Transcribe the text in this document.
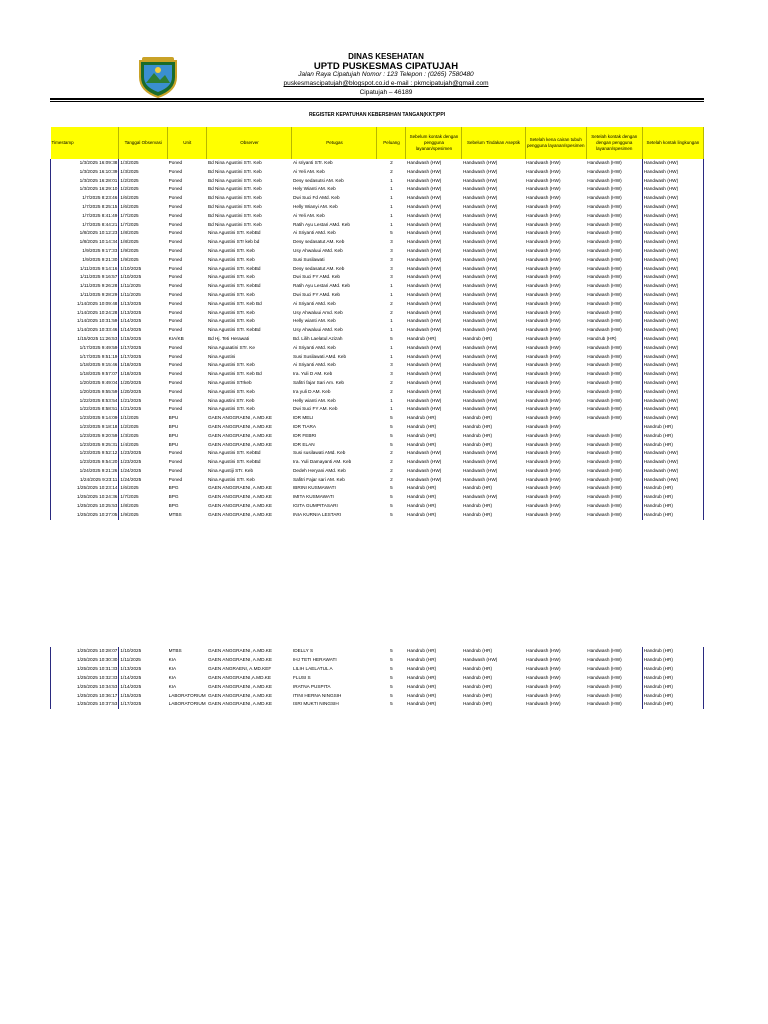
DINAS KESEHATAN
UPTD PUSKESMAS CIPATUJAH
Jalan Raya Cipatujah Nomor : 123 Telepon : (0265) 7580480
puskesmascipatujah@blogspot.co.id e-mail : pkmcipatujah@gmail.com
Cipatujah – 46189
REGISTER KEPATUHAN KEBERSIHAN TANGAN(KKT)PPI
Timestamp	Tanggal Observasi	Unit	Observer	Petugas	Peluang	Sebelum kontak dengan pengguna layanan/spesimen	Sebelum Tindakan Aseptik	Setelah kena cairan tubuh pengguna layanan/spesimen	Setelah kontak dengan dengan pengguna layanan/spesimen	Setelah kontak lingkungan
1/3/2025 16:09:38	1/3/2025	Poned	Bd Nina Agustini STr. Keb	Ai sriyanti STr. Keb	2	Handwash (HW)	Handwash (HW)	Handwash (HW)	Handwash (HW)	Handwash (HW)
1/3/2025 16:10:39	1/3/2025	Poned	Bd Nina Agustini STr. Keb	Ai Yeli AM. Keb	2	Handwash (HW)	Handwash (HW)	Handwash (HW)	Handwash (HW)	Handwash (HW)
1/3/2025 16:28:01	1/2/2025	Poned	Bd Nina Agustini STr. Keb	Desy sedasutsi AM. Keb	1	Handwash (HW)	Handwash (HW)	Handwash (HW)	Handwash (HW)	Handwash (HW)
1/3/2025 16:29:10	1/2/2025	Poned	Bd Nina Agustini STr. Keb	Hely Wianti AM. Keb	1	Handwash (HW)	Handwash (HW)	Handwash (HW)	Handwash (HW)	Handwash (HW)
1/7/2025 8:23:46	1/6/2025	Poned	Bd Nina Agustini STr. Keb	Dwi Suci Fd AMd. Keb	1	Handwash (HW)	Handwash (HW)	Handwash (HW)	Handwash (HW)	Handwash (HW)
1/7/2025 8:25:15	1/6/2025	Poned	Bd Nina Agustini STr. Keb	Helly Wianyi AM. Keb	1	Handwash (HW)	Handwash (HW)	Handwash (HW)	Handwash (HW)	Handwash (HW)
1/7/2025 8:41:49	1/7/2025	Poned	Bd Nina Agustini STr. Keb	Ai Yeli AM. Keb	1	Handwash (HW)	Handwash (HW)	Handwash (HW)	Handwash (HW)	Handwash (HW)
1/7/2025 8:44:21	1/7/2025	Poned	Bd Nina Agustini STr. Keb	Ratih Ayu Lestari AMd. Keb	1	Handwash (HW)	Handwash (HW)	Handwash (HW)	Handwash (HW)	Handwash (HW)
1/8/2025 10:12:23	1/8/2025	Poned	Nina Agustini STr. KebBd	Ai Sriyanti AMd. Keb	5	Handwash (HW)	Handwash (HW)	Handwash (HW)	Handwash (HW)	Handwash (HW)
1/8/2025 10:14:34	1/8/2025	Poned	Nina Agustini STr keb bd	Desy sedasatut AM. Keb	3	Handwash (HW)	Handwash (HW)	Handwash (HW)	Handwash (HW)	Handwash (HW)
1/9/2025 9:17:33	1/9/2025	Poned	Nina Agustini STr. Keb	Usy Ahwaluui AMd. Keb	3	Handwash (HW)	Handwash (HW)	Handwash (HW)	Handwash (HW)	Handwash (HW)
1/9/2025 9:21:30	1/9/2025	Poned	Nina Agustini STr. Keb	Susi Susilawati	3	Handwash (HW)	Handwash (HW)	Handwash (HW)	Handwash (HW)	Handwash (HW)
1/11/2025 9:14:16	1/10/2025	Poned	Nina Agustini STr. KebBd	Desy sedasatut AM. Keb	3	Handwash (HW)	Handwash (HW)	Handwash (HW)	Handwash (HW)	Handwash (HW)
1/11/2025 9:16:57	1/10/2025	Poned	Nina Agustini STr. Keb	Dwi Suci FY AMd. Keb	3	Handwash (HW)	Handwash (HW)	Handwash (HW)	Handwash (HW)	Handwash (HW)
1/11/2025 9:26:28	1/11/2025	Poned	Nina Agustini STr. KebBd	Ratih Ayu Lestari AMd. Keb	1	Handwash (HW)	Handwash (HW)	Handwash (HW)	Handwash (HW)	Handwash (HW)
1/11/2025 9:28:29	1/11/2025	Poned	Nina Agustini STr. Keb	Dwi Suci FY AMd. Keb	1	Handwash (HW)	Handwash (HW)	Handwash (HW)	Handwash (HW)	Handwash (HW)
1/14/2025 10:09:48	1/13/2025	Poned	Nina Agustini STr. Keb Bd	Ai Sriyanti AMd. Keb	2	Handwash (HW)	Handwash (HW)	Handwash (HW)	Handwash (HW)	Handwash (HW)
1/14/2025 10:24:28	1/13/2025	Poned	Nina Agustini STr. Keb	Usy Ahwaluui Amd. Keb	2	Handwash (HW)	Handwash (HW)	Handwash (HW)	Handwash (HW)	Handwash (HW)
1/14/2025 10:31:59	1/14/2025	Poned	Nina Agustini STr. Keb	Helly wianti AM. Keb	1	Handwash (HW)	Handwash (HW)	Handwash (HW)	Handwash (HW)	Handwash (HW)
1/14/2025 10:33:46	1/14/2025	Poned	Nina Agustini STr. KebBd	Usy Ahwaluui AMd. Keb	1	Handwash (HW)	Handwash (HW)	Handwash (HW)	Handwash (HW)	Handwash (HW)
1/15/2025 11:26:53	1/15/2025	KIA/KB	Bd Hj. Teti Herawati	Bd. Lilih Laelatul Azizah	5	Handrub (HR)	Handrub (HR)	Handwash (HW)	Handrub (HR)	Handwash (HW)
1/17/2025 9:49:59	1/17/2025	Poned	Nina Aguaatini STr. Ke	Ai Sriyanti AMd. Keb	1	Handwash (HW)	Handwash (HW)	Handwash (HW)	Handwash (HW)	Handwash (HW)
1/17/2025 9:51:19	1/17/2025	Poned	Nina Agustini	Susi Susilawati AMd. Keb	1	Handwash (HW)	Handwash (HW)	Handwash (HW)	Handwash (HW)	Handwash (HW)
1/18/2025 9:15:46	1/18/2025	Poned	Nina Agustini STr. Keb	Ai Sriyanti AMd. Keb	3	Handwash (HW)	Handwash (HW)	Handwash (HW)	Handwash (HW)	Handwash (HW)
1/18/2025 9:57:07	1/18/2025	Poned	Nina Agustini STr. Keb Bd	Ira. Yuli D AM. Keb	3	Handwash (HW)	Handwash (HW)	Handwash (HW)	Handwash (HW)	Handwash (HW)
1/20/2025 9:49:04	1/20/2025	Poned	Nina Agustini STrkeb	Safitri fajar Sari Am. Keb	2	Handwash (HW)	Handwash (HW)	Handwash (HW)	Handwash (HW)	Handwash (HW)
1/20/2025 9:55:59	1/20/2025	Poned	Nina Agustini STr. Keb	Ira yuli D AM. Keb	2	Handwash (HW)	Handwash (HW)	Handwash (HW)	Handwash (HW)	Handwash (HW)
1/22/2025 8:53:54	1/21/2025	Poned	Nina agustini STr. Keb	Helly wianti AM. Keb	1	Handwash (HW)	Handwash (HW)	Handwash (HW)	Handwash (HW)	Handwash (HW)
1/22/2025 8:58:51	1/21/2025	Poned	Nina Agustini STr. Keb	Dwi Suci FY AM. Keb	1	Handwash (HW)	Handwash (HW)	Handwash (HW)	Handwash (HW)	Handwash (HW)
1/23/2025 9:14:09	1/1/2025	BPU	GAEN ANGGRAENI, A.MD.KE	IDR MELI	5	Handrub (HR)	Handrub (HR)	Handwash (HW)	Handwash (HW)	Handwash (HW)
1/23/2025 9:18:18	1/2/2025	BPU	GAEN ANGGRAENI, A.MD.KE	IDR TIARA	5	Handrub (HR)	Handrub (HR)	Handwash (HW)		Handrub (HR)
1/23/2025 9:20:59	1/3/2025	BPU	GAEN ANGGRAENI, A.MD.KE	IDR FEBRI	5	Handrub (HR)	Handrub (HR)	Handwash (HW)	Handwash (HW)	Handrub (HR)
1/23/2025 9:25:31	1/4/2025	BPU	GAEN ANGGRAENI, A.MD.KE	IDR ELAN	5	Handrub (HR)	Handrub (HR)	Handwash (HW)	Handwash (HW)	Handrub (HR)
1/23/2025 9:52:12	1/23/2025	Poned	Nina Agustini STr. KebBd	Susi susilawati AMd. Keb	2	Handwash (HW)	Handwash (HW)	Handwash (HW)	Handwash (HW)	Handwash (HW)
1/23/2025 9:54:20	1/23/2025	Poned	Nina Agustini STr. KebBd	Ira. Yuli Damayanti AM. Keb	2	Handwash (HW)	Handwash (HW)	Handwash (HW)	Handwash (HW)	Handwash (HW)
1/24/2025 9:21:26	1/24/2025	Poned	Nina Agustiji STr. Keb	Dedeh Heryani AMd. Keb	2	Handwash (HW)	Handwash (HW)	Handwash (HW)	Handwash (HW)	Handwash (HW)
1/24/2025 9:23:11	1/24/2025	Poned	Nina Agustini STr. Keb	Safitri Fajar sari AM. Keb	2	Handwash (HW)	Handwash (HW)	Handwash (HW)	Handwash (HW)	Handwash (HW)
1/25/2025 10:23:14	1/6/2025	BPG	GAEN ANGGRAENI, A.MD.KE	IBRINI KUSMAWATI	5	Handrub (HR)	Handrub (HR)	Handwash (HW)	Handwash (HW)	Handrub (HR)
1/25/2025 10:24:36	1/7/2025	BPG	GAEN ANGGRAENI, A.MD.KE	IMITA KUSMAWATI	5	Handrub (HR)	Handwash (HW)	Handwash (HW)	Handwash (HW)	Handrub (HR)
1/25/2025 10:25:53	1/8/2025	BPG	GAEN ANGGRAENI, A.MD.KE	IGITA GUMPITASARI	5	Handrub (HR)	Handrub (HR)	Handwash (HW)	Handwash (HW)	Handrub (HR)
1/25/2025 10:27:05	1/9/2025	MTBS	GAEN ANGGRAENI, A.MD.KE	INIA KURNIA LESTARI	5	Handrub (HR)	Handrub (HR)	Handwash (HW)	Handwash (HW)	Handrub (HR)
1/25/2025 10:28:07	1/10/2025	MTBS	GAEN ANGGRAENI, A.MD.KE	IDELLY S	5	Handrub (HR)	Handrub (HR)	Handwash (HW)	Handwash (HW)	Handrub (HR)
1/25/2025 10:30:30	1/11/2025	KIA	GAEN ANGGRAENI, A.MD.KE	IHJ TETI HERAWATI	5	Handrub (HR)	Handwash (HW)	Handwash (HW)	Handwash (HW)	Handrub (HR)
1/25/2025 10:31:33	1/13/2025	KIA	GAEN ANGRAENI, A.MD.KEF	LILIH LAELATUL A	5	Handrub (HR)	Handrub (HR)	Handwash (HW)	Handwash (HW)	Handrub (HR)
1/25/2025 10:32:33	1/14/2025	KIA	GAEN ANGGRAENI,A.MD.KE	FLUSI S	5	Handrub (HR)	Handrub (HR)	Handwash (HW)	Handwash (HW)	Handrub (HR)
1/25/2025 10:34:53	1/14/2025	KIA	GAEN ANGGRAENI, A.MD.KE	IRATNA PUSPITA	5	Handrub (HR)	Handrub (HR)	Handwash (HW)	Handwash (HW)	Handrub (HR)
1/25/2025 10:36:17	1/15/2025	LABORATORIUM	GAEN ANGGRAENI, A.MD.KE	ITINI HERNA NINGSIH	5	Handrub (HR)	Handrub (HR)	Handwash (HW)	Handwash (HW)	Handrub (HR)
1/25/2025 10:37:53	1/17/2025	LABORATORIUM	GAEN ANGGRAENI, A.MD.KE	ISRI MUKTI NINGSIH	5	Handrub (HR)	Handrub (HR)	Handwash (HW)	Handwash (HW)	Handrub (HR)
